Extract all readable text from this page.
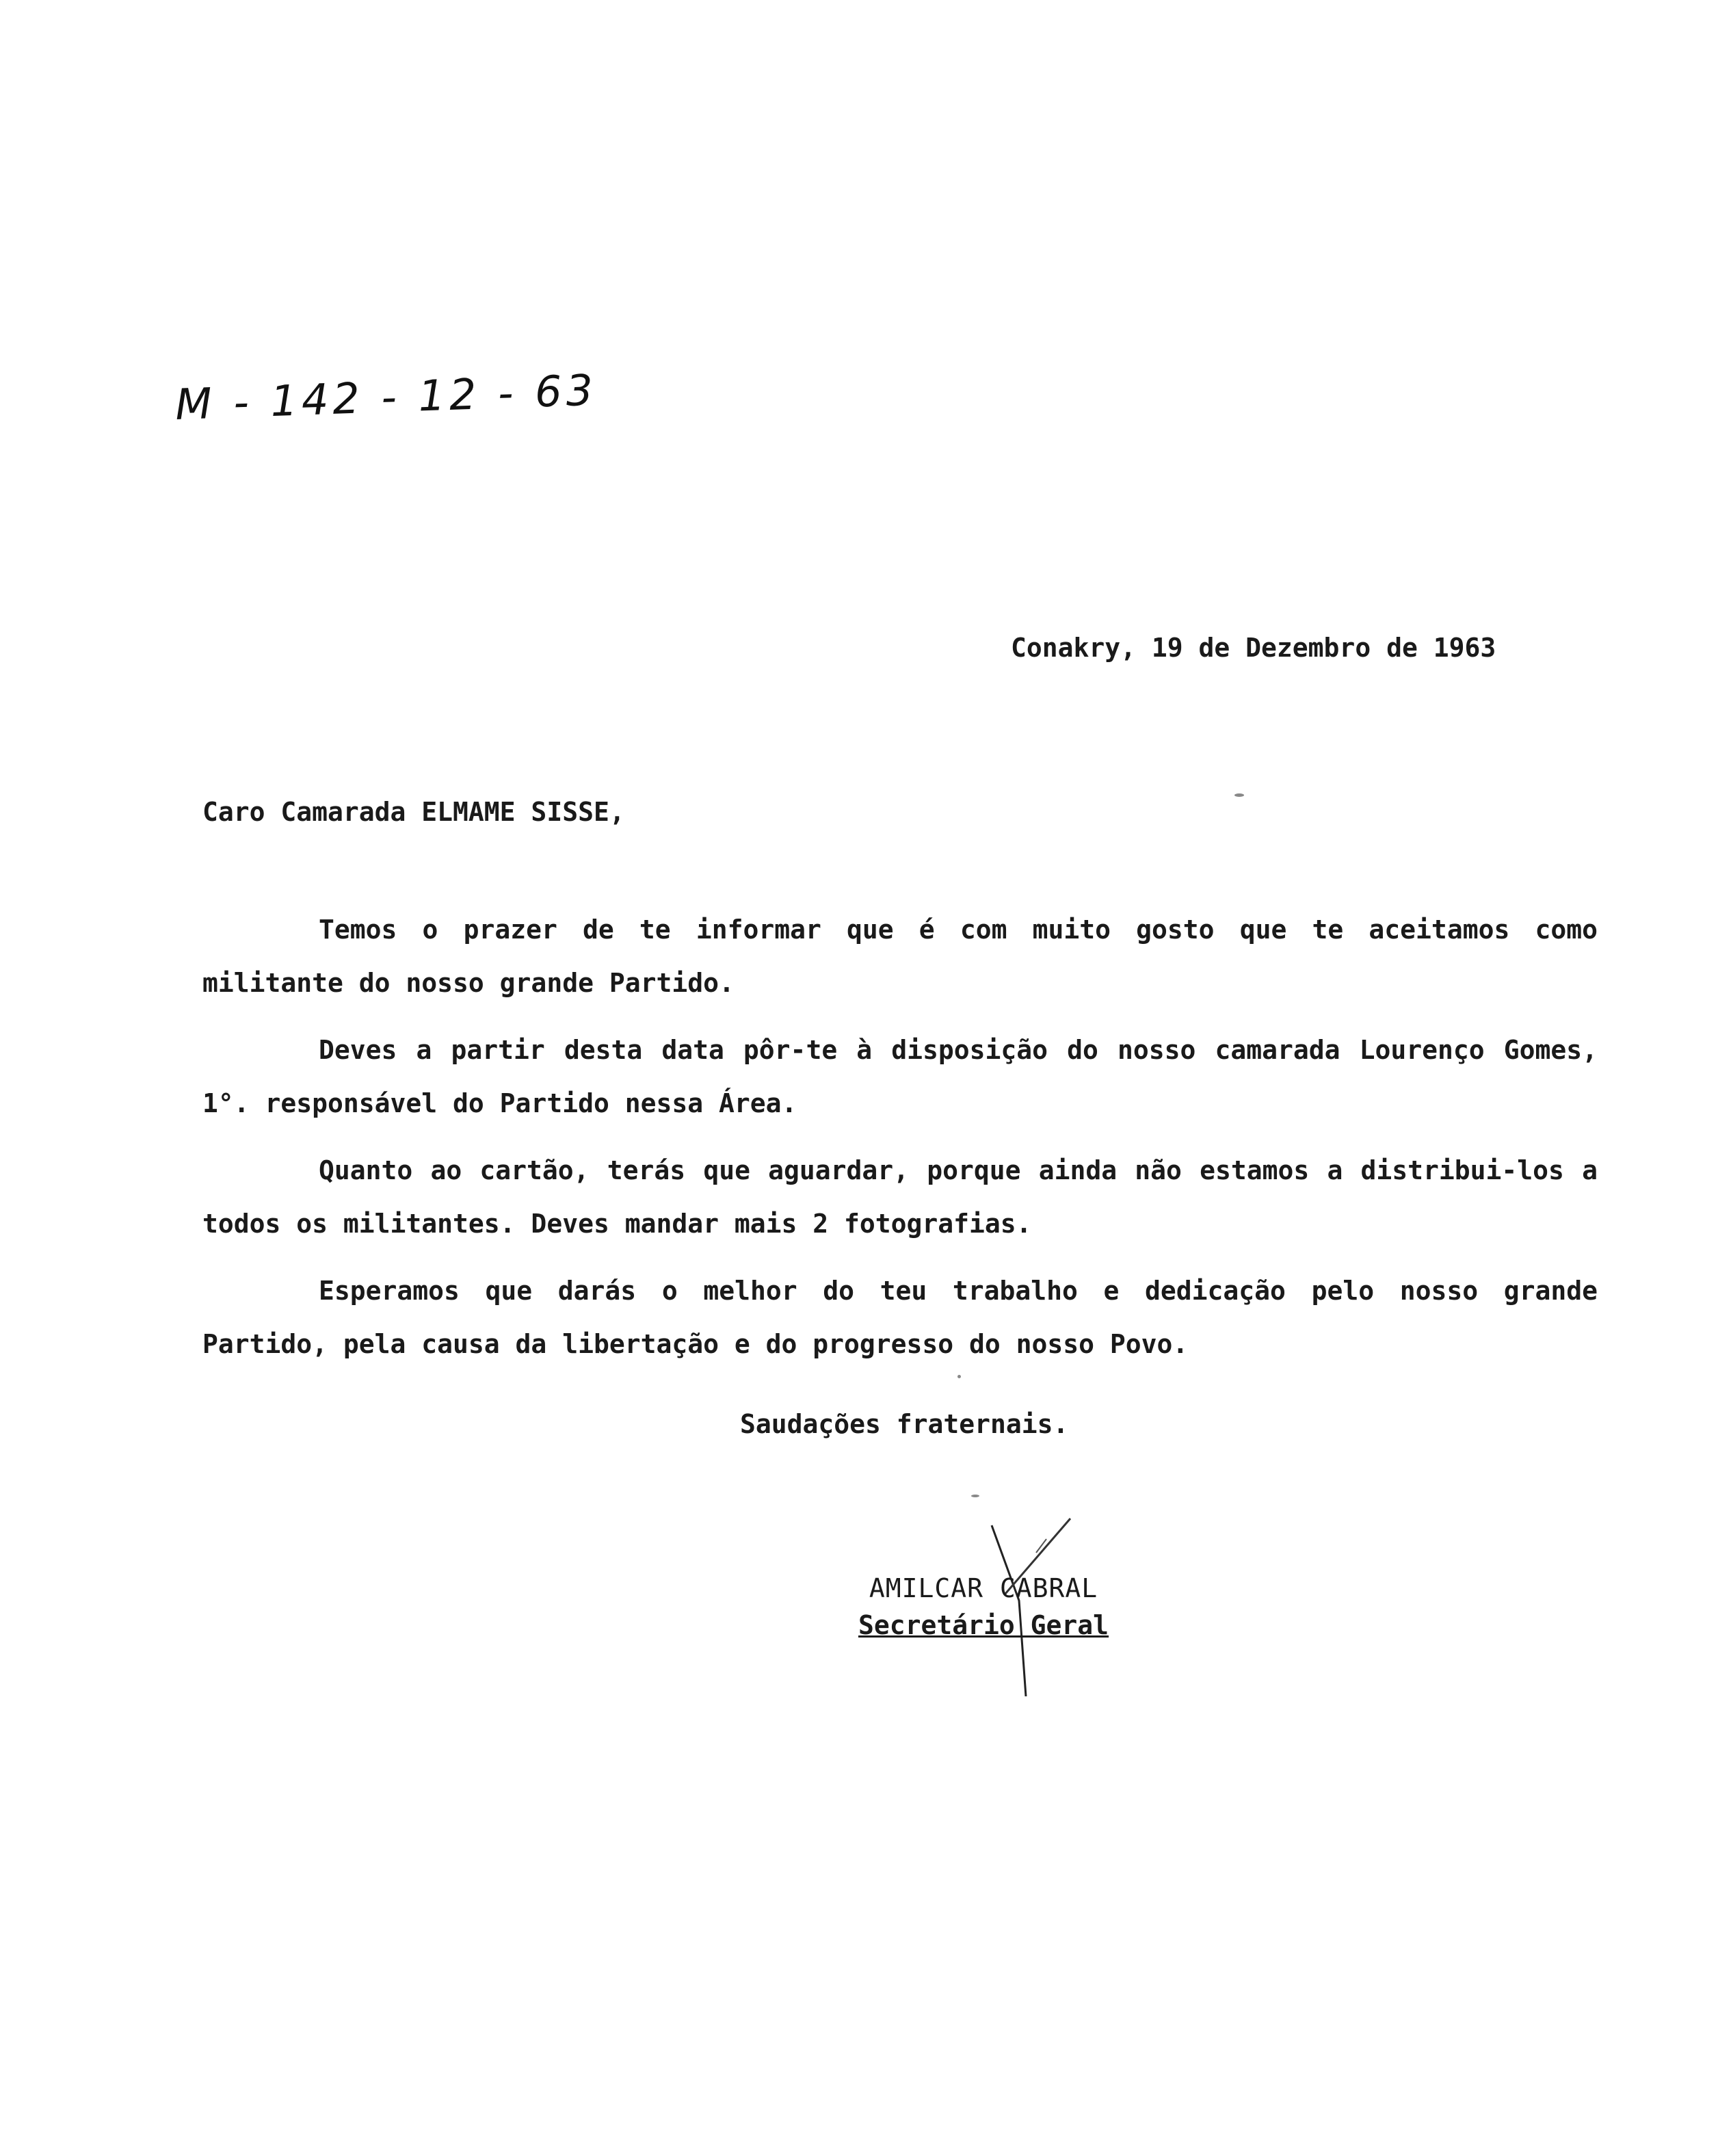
M - 142 - 12 - 63
Conakry, 19 de Dezembro de 1963
Caro Camarada ELMAME SISSE,

Temos o prazer de te informar que é com muito gosto que te aceitamos como militante do nosso grande Partido.

Deves a partir desta data pôr-te à disposição do nosso camarada Lourenço Gomes, 1°. responsável do Partido nessa Área.

Quanto ao cartão, terás que aguardar, porque ainda não estamos a distribui-los a todos os militantes. Deves mandar mais 2 fotografias.

Esperamos que darás o melhor do teu trabalho e dedicação pelo nosso grande Partido, pela causa da libertação e do progresso do nosso Povo.

Saudações fraternais.
AMILCAR CABRAL
Secretário Geral
